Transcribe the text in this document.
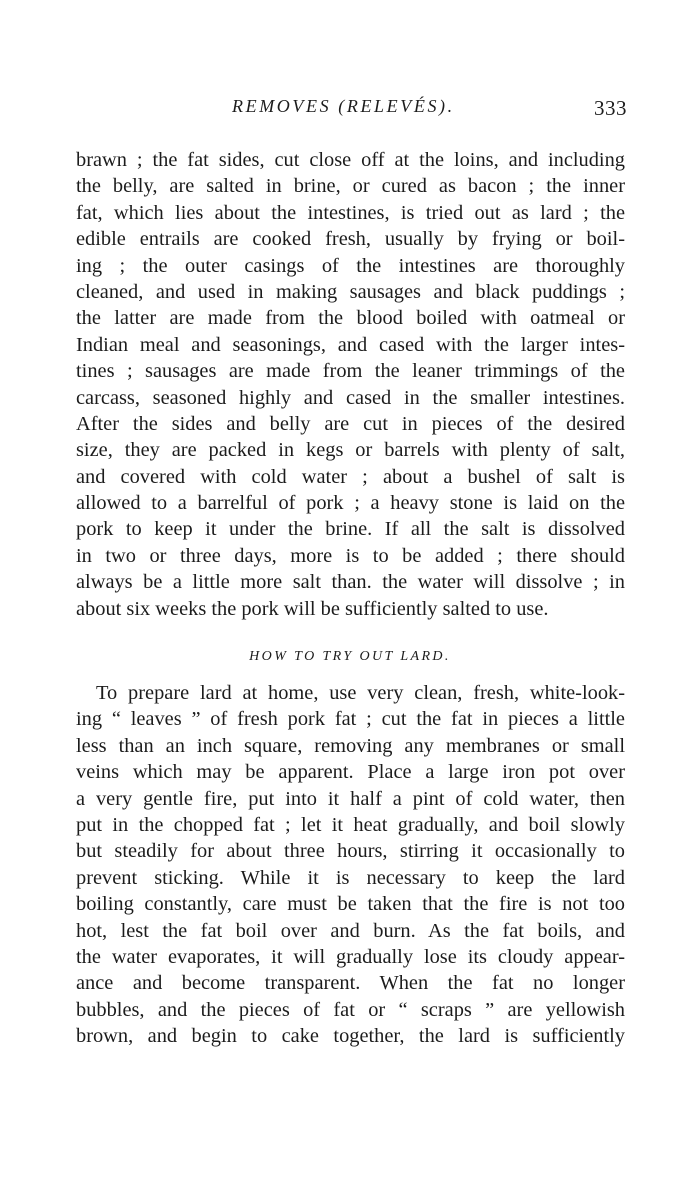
REMOVES (RELEVÉS).	333
brawn ; the fat sides, cut close off at the loins, and including
the belly, are salted in brine, or cured as bacon ; the inner
fat, which lies about the intestines, is tried out as lard ; the
edible entrails are cooked fresh, usually by frying or boil-
ing ; the outer casings of the intestines are thoroughly
cleaned, and used in making sausages and black puddings ;
the latter are made from the blood boiled with oatmeal or
Indian meal and seasonings, and cased with the larger intes-
tines ; sausages are made from the leaner trimmings of the
carcass, seasoned highly and cased in the smaller intestines.
After the sides and belly are cut in pieces of the desired
size, they are packed in kegs or barrels with plenty of salt,
and covered with cold water ; about a bushel of salt is
allowed to a barrelful of pork ; a heavy stone is laid on the
pork to keep it under the brine. If all the salt is dissolved
in two or three days, more is to be added ; there should
always be a little more salt than. the water will dissolve ; in
about six weeks the pork will be sufficiently salted to use.
HOW TO TRY OUT LARD.
To prepare lard at home, use very clean, fresh, white-look-
ing “ leaves ” of fresh pork fat ; cut the fat in pieces a little
less than an inch square, removing any membranes or small
veins which may be apparent. Place a large iron pot over
a very gentle fire, put into it half a pint of cold water, then
put in the chopped fat ; let it heat gradually, and boil slowly
but steadily for about three hours, stirring it occasionally to
prevent sticking. While it is necessary to keep the lard
boiling constantly, care must be taken that the fire is not too
hot, lest the fat boil over and burn. As the fat boils, and
the water evaporates, it will gradually lose its cloudy appear-
ance and become transparent. When the fat no longer
bubbles, and the pieces of fat or “ scraps ” are yellowish
brown, and begin to cake together, the lard is sufficiently
